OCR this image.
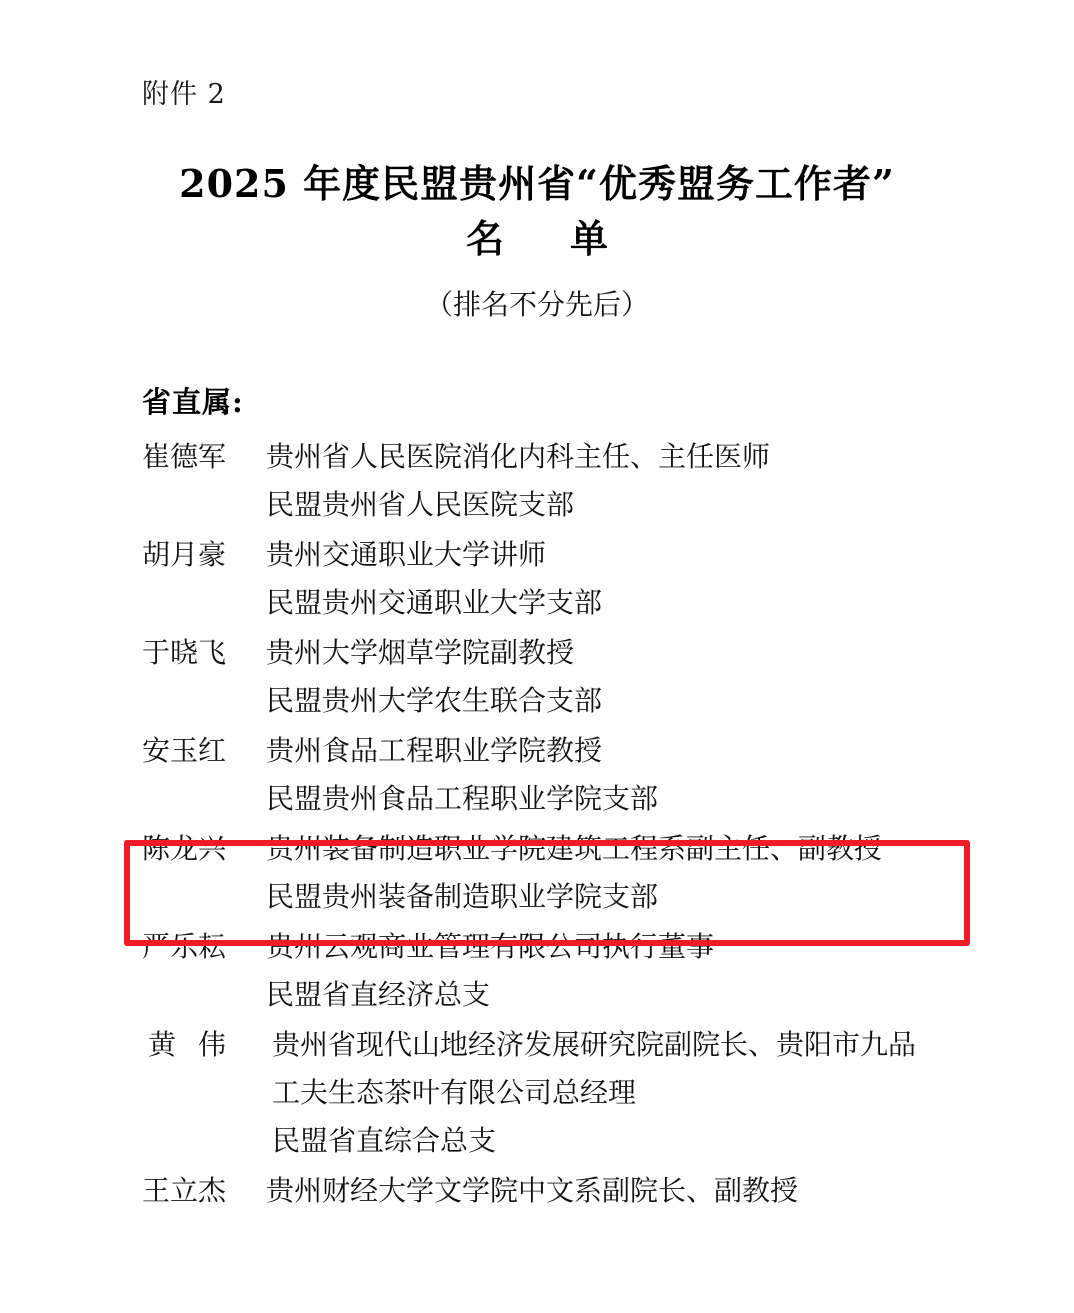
附件 2
2025 年度民盟贵州省“优秀盟务工作者”
名　单
（排名不分先后）
省直属:
崔德军	贵州省人民医院消化内科主任、主任医师
民盟贵州省人民医院支部
胡月豪	贵州交通职业大学讲师
民盟贵州交通职业大学支部
于晓飞	贵州大学烟草学院副教授
民盟贵州大学农生联合支部
安玉红	贵州食品工程职业学院教授
民盟贵州食品工程职业学院支部
陈龙兴	贵州装备制造职业学院建筑工程系副主任、副教授
民盟贵州装备制造职业学院支部
严乐耘	贵州云观商业管理有限公司执行董事
民盟省直经济总支
黄伟 贵州省现代山地经济发展研究院副院长、贵阳市九品
工夫生态茶叶有限公司总经理
民盟省直综合总支
王立杰	贵州财经大学文学院中文系副院长、副教授
